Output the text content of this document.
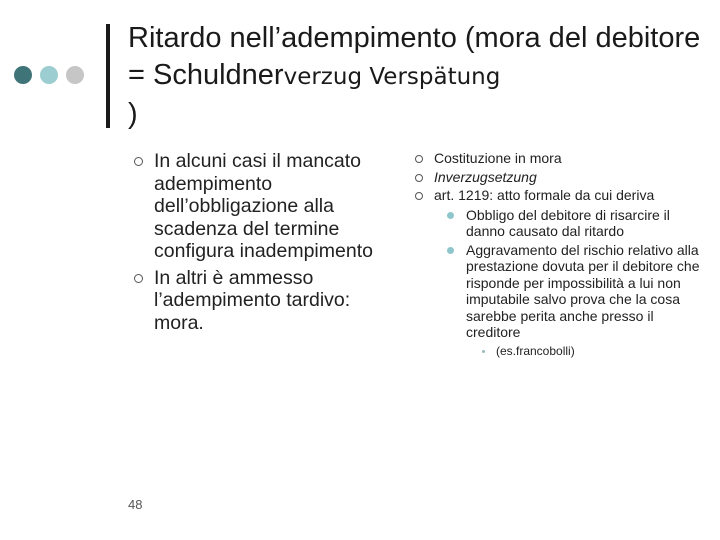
Ritardo nell’adempimento (mora del debitore = Schuldnerverzug Verspätung
)
In alcuni casi il mancato adempimento dell’obbligazione alla scadenza del termine configura inadempimento
In altri è ammesso l’adempimento tardivo: mora.
Costituzione in mora
Inverzugsetzung
art. 1219: atto formale da cui deriva
Obbligo del debitore di risarcire il danno causato dal ritardo
Aggravamento del rischio relativo alla prestazione dovuta per il debitore che risponde per impossibilità a lui non imputabile salvo prova che la cosa sarebbe perita anche presso il creditore
(es.francobolli)
48
